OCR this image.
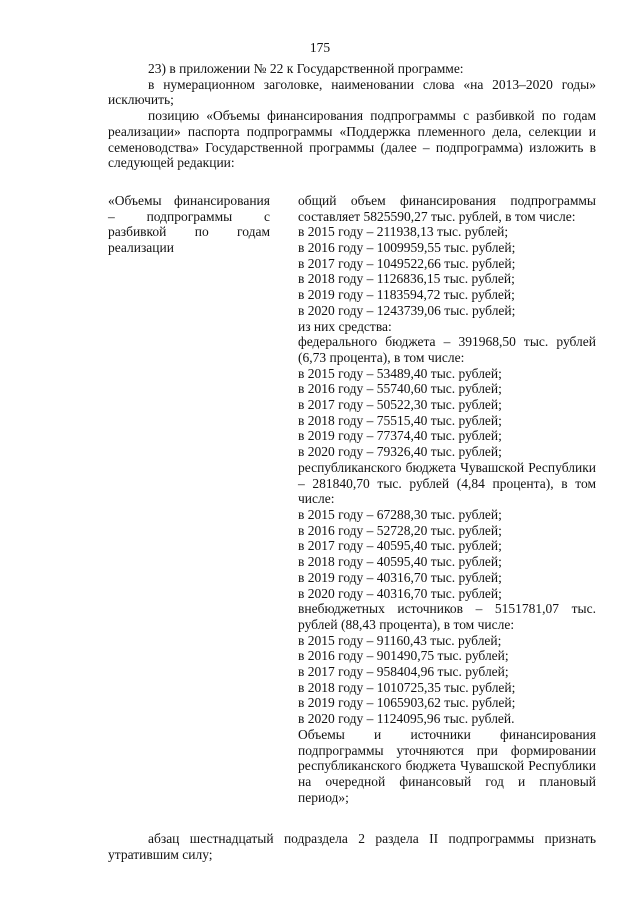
175

23) в приложении № 22 к Государственной программе:

в нумерационном заголовке, наименовании слова «на 2013–2020 годы» исключить;

позицию «Объемы финансирования подпрограммы с разбивкой по годам реализации» паспорта подпрограммы «Поддержка племенного дела, селекции и семеноводства» Государственной программы (далее – подпрограмма) изложить в следующей редакции:

«Объемы финансирования – подпрограммы с разбивкой по годам реализации
общий объем финансирования подпрограммы составляет 5825590,27 тыс. рублей, в том числе:
в 2015 году – 211938,13 тыс. рублей;
в 2016 году – 1009959,55 тыс. рублей;
в 2017 году – 1049522,66 тыс. рублей;
в 2018 году – 1126836,15 тыс. рублей;
в 2019 году – 1183594,72 тыс. рублей;
в 2020 году – 1243739,06 тыс. рублей;
из них средства:
федерального бюджета – 391968,50 тыс. рублей (6,73 процента), в том числе:
в 2015 году – 53489,40 тыс. рублей;
в 2016 году – 55740,60 тыс. рублей;
в 2017 году – 50522,30 тыс. рублей;
в 2018 году – 75515,40 тыс. рублей;
в 2019 году – 77374,40 тыс. рублей;
в 2020 году – 79326,40 тыс. рублей;
республиканского бюджета Чувашской Республики – 281840,70 тыс. рублей (4,84 процента), в том числе:
в 2015 году – 67288,30 тыс. рублей;
в 2016 году – 52728,20 тыс. рублей;
в 2017 году – 40595,40 тыс. рублей;
в 2018 году – 40595,40 тыс. рублей;
в 2019 году – 40316,70 тыс. рублей;
в 2020 году – 40316,70 тыс. рублей;
внебюджетных источников – 5151781,07 тыс. рублей (88,43 процента), в том числе:
в 2015 году – 91160,43 тыс. рублей;
в 2016 году – 901490,75 тыс. рублей;
в 2017 году – 958404,96 тыс. рублей;
в 2018 году – 1010725,35 тыс. рублей;
в 2019 году – 1065903,62 тыс. рублей;
в 2020 году – 1124095,96 тыс. рублей.
Объемы и источники финансирования подпрограммы уточняются при формировании республиканского бюджета Чувашской Республики на очередной финансовый год и плановый период»;

абзац шестнадцатый подраздела 2 раздела II подпрограммы признать утратившим силу;
